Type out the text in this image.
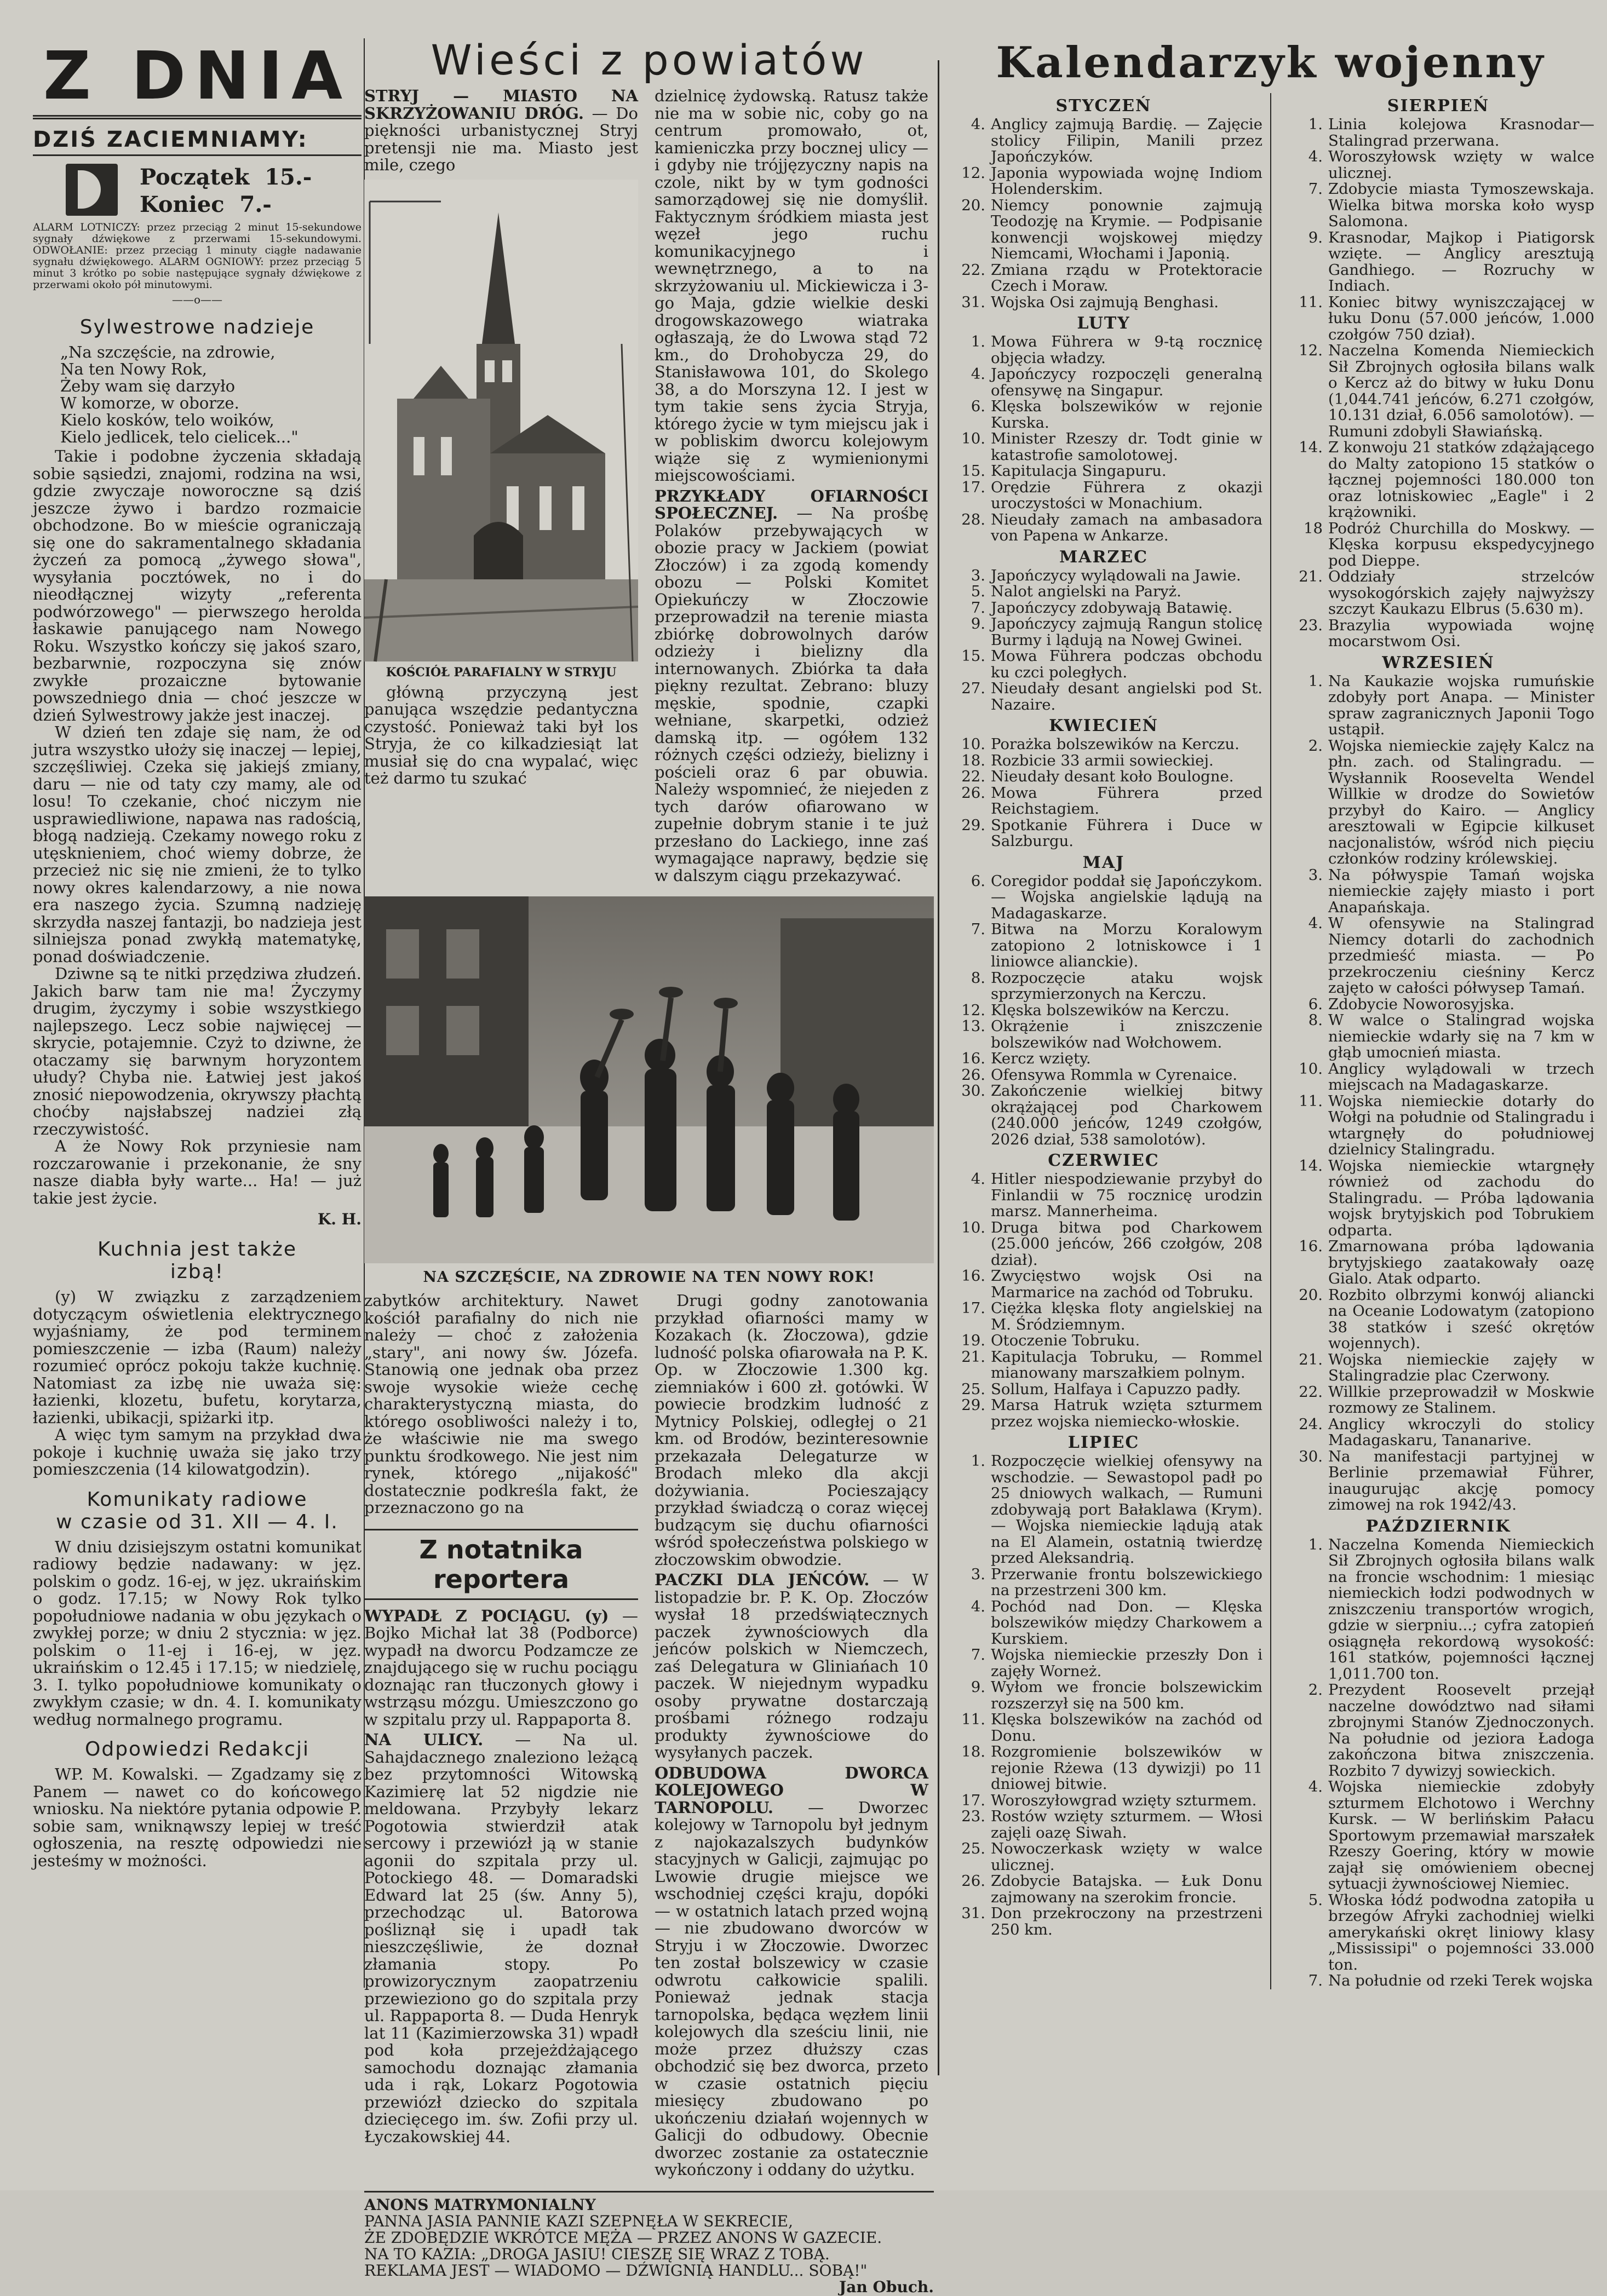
Z DNIA
DZIŚ ZACIEMNIAMY:
Początek 15.-
Koniec 7.-
ALARM LOTNICZY: przez przeciąg 2 minut 15-sekundowe sygnały dźwiękowe z przerwami 15-sekundowymi. ODWOŁANIE: przez przeciąg 1 minuty ciągłe nadawanie sygnału dźwiękowego. ALARM OGNIOWY: przez przeciąg 5 minut 3 krótko po sobie następujące sygnały dźwiękowe z przerwami około pół minutowymi.
——o——
Sylwestrowe nadzieje
„Na szczęście, na zdrowie,
Na ten Nowy Rok,
Żeby wam się darzyło
W komorze, w oborze.
Kielo kosków, telo woików,
Kielo jedlicek, telo cielicek..."

Takie i podobne życzenia składają sobie sąsiedzi, znajomi, rodzina na wsi, gdzie zwyczaje noworoczne są dziś jeszcze żywo i bardzo rozmaicie obchodzone. Bo w mieście ograniczają się one do sakramentalnego składania życzeń za pomocą „żywego słowa", wysyłania pocztówek, no i do nieodłącznej wizyty „referenta podwórzowego" — pierwszego herolda łaskawie panującego nam Nowego Roku. Wszystko kończy się jakoś szaro, bezbarwnie, rozpoczyna się znów zwykłe prozaiczne bytowanie powszedniego dnia — choć jeszcze w dzień Sylwestrowy jakże jest inaczej.

W dzień ten zdaje się nam, że od jutra wszystko ułoży się inaczej — lepiej, szczęśliwiej. Czeka się jakiejś zmiany, daru — nie od taty czy mamy, ale od losu! To czekanie, choć niczym nie usprawiedliwione, napawa nas radością, błogą nadzieją. Czekamy nowego roku z utęsknieniem, choć wiemy dobrze, że przecież nic się nie zmieni, że to tylko nowy okres kalendarzowy, a nie nowa era naszego życia. Szumną nadzieję skrzydła naszej fantazji, bo nadzieja jest silniejsza ponad zwykłą matematykę, ponad doświadczenie.

Dziwne są te nitki przędziwa złudzeń. Jakich barw tam nie ma! Życzymy drugim, życzymy i sobie wszystkiego najlepszego. Lecz sobie najwięcej — skrycie, potajemnie. Czyż to dziwne, że otaczamy się barwnym horyzontem ułudy? Chyba nie. Łatwiej jest jakoś znosić niepowodzenia, okrywszy płachtą choćby najsłabszej nadziei złą rzeczywistość.

A że Nowy Rok przyniesie nam rozczarowanie i przekonanie, że sny nasze diabła były warte... Ha! — już takie jest życie.

K. H.
Kuchnia jest także
izbą!

(y) W związku z zarządzeniem dotyczącym oświetlenia elektrycznego wyjaśniamy, że pod terminem pomieszczenie — izba (Raum) należy rozumieć oprócz pokoju także kuchnię. Natomiast za izbę nie uważa się: łazienki, klozetu, bufetu, korytarza, łazienki, ubikacji, spiżarki itp.

A więc tym samym na przykład dwa pokoje i kuchnię uważa się jako trzy pomieszczenia (14 kilowatgodzin).

Komunikaty radiowe
w czasie od 31. XII — 4. I.

W dniu dzisiejszym ostatni komunikat radiowy będzie nadawany: w jęz. polskim o godz. 16-ej, w jęz. ukraińskim o godz. 17.15; w Nowy Rok tylko popołudniowe nadania w obu językach o zwykłej porze; w dniu 2 stycznia: w jęz. polskim o 11-ej i 16-ej, w jęz. ukraińskim o 12.45 i 17.15; w niedzielę, 3. I. tylko popołudniowe komunikaty o zwykłym czasie; w dn. 4. I. komunikaty według normalnego programu.

Odpowiedzi Redakcji

WP. M. Kowalski. — Zgadzamy się z Panem — nawet co do końcowego wniosku. Na niektóre pytania odpowie P. sobie sam, wniknąwszy lepiej w treść ogłoszenia, na resztę odpowiedzi nie jesteśmy w możności.

Wieści z powiatów
STRYJ — MIASTO NA SKRZYŻOWANIU DRÓG. — Do piękności urbanistycznej Stryj pretensji nie ma. Miasto jest mile, czego
KOŚCIÓŁ PARAFIALNY W STRYJU

główną przyczyną jest panująca wszędzie pedantyczna czystość. Ponieważ taki był los Stryja, że co kilkadziesiąt lat musiał się do cna wypalać, więc też darmo tu szukać

dzielnicę żydowską. Ratusz także nie ma w sobie nic, coby go na centrum promowało, ot, kamieniczka przy bocznej ulicy — i gdyby nie trójjęzyczny napis na czole, nikt by w tym godności samorządowej się nie domyślił. Faktycznym śródkiem miasta jest węzeł jego ruchu komunikacyjnego i wewnętrznego, a to na skrzyżowaniu ul. Mickiewicza i 3-go Maja, gdzie wielkie deski drogowskazowego wiatraka ogłaszają, że do Lwowa stąd 72 km., do Drohobycza 29, do Stanisławowa 101, do Skolego 38, a do Morszyna 12. I jest w tym takie sens życia Stryja, którego życie w tym miejscu jak i w pobliskim dworcu kolejowym wiąże się z wymienionymi miejscowościami.

PRZYKŁADY OFIARNOŚCI SPOŁECZNEJ. — Na prośbę Polaków przebywających w obozie pracy w Jackiem (powiat Złoczów) i za zgodą komendy obozu — Polski Komitet Opiekuńczy w Złoczowie przeprowadził na terenie miasta zbiórkę dobrowolnych darów odzieży i bielizny dla internowanych. Zbiórka ta dała piękny rezultat. Zebrano: bluzy męskie, spodnie, czapki wełniane, skarpetki, odzież damską itp. — ogółem 132 różnych części odzieży, bielizny i pościeli oraz 6 par obuwia. Należy wspomnieć, że niejeden z tych darów ofiarowano w zupełnie dobrym stanie i te już przesłano do Lackiego, inne zaś wymagające naprawy, będzie się w dalszym ciągu przekazywać.
NA SZCZĘŚCIE, NA ZDROWIE NA TEN NOWY ROK!

zabytków architektury. Nawet kościół parafialny do nich nie należy — choć z założenia „stary", ani nowy św. Józefa. Stanowią one jednak oba przez swoje wysokie wieże cechę charakterystyczną miasta, do którego osobliwości należy i to, że właściwie nie ma swego punktu środkowego. Nie jest nim rynek, którego „nijakość" dostatecznie podkreśla fakt, że przeznaczono go na

Z notatnika reportera
WYPADŁ Z POCIĄGU. (y) — Bojko Michał lat 38 (Podborce) wypadł na dworcu Podzamcze ze znajdującego się w ruchu pociągu doznając ran tłuczonych głowy i wstrząsu mózgu. Umieszczono go w szpitalu przy ul. Rappaporta 8.
NA ULICY. — Na ul. Sahajdacznego znaleziono leżącą bez przytomności Witowską Kazimierę lat 52 nigdzie nie meldowana. Przybyły lekarz Pogotowia stwierdził atak sercowy i przewiózł ją w stanie agonii do szpitala przy ul. Potockiego 48. — Domaradski Edward lat 25 (św. Anny 5), przechodząc ul. Batorowa pośliznął się i upadł tak nieszczęśliwie, że doznał złamania stopy. Po prowizorycznym zaopatrzeniu przewieziono go do szpitala przy ul. Rappaporta 8. — Duda Henryk lat 11 (Kazimierzowska 31) wpadł pod koła przejeżdżającego samochodu doznając złamania uda i rąk, Lokarz Pogotowia przewiózł dziecko do szpitala dziecięcego im. św. Zofii przy ul. Łyczakowskiej 44.

Drugi godny zanotowania przykład ofiarności mamy w Kozakach (k. Złoczowa), gdzie ludność polska ofiarowała na P. K. Op. w Złoczowie 1.300 kg. ziemniaków i 600 zł. gotówki. W powiecie brodzkim ludność z Mytnicy Polskiej, odległej o 21 km. od Brodów, bezinteresownie przekazała Delegaturze w Brodach mleko dla akcji dożywiania. Pocieszający przykład świadczą o coraz więcej budzącym się duchu ofiarności wśród społeczeństwa polskiego w złoczowskim obwodzie.

PACZKI DLA JEŃCÓW. — W listopadzie br. P. K. Op. Złoczów wysłał 18 przedświątecznych paczek żywnościowych dla jeńców polskich w Niemczech, zaś Delegatura w Gliniańach 10 paczek. W niejednym wypadku osoby prywatne dostarczają prośbami różnego rodzaju produkty żywnościowe do wysyłanych paczek.
ODBUDOWA DWORCA KOLEJOWEGO W TARNOPOLU. — Dworzec kolejowy w Tarnopolu był jednym z najokazalszych budynków stacyjnych w Galicji, zajmując po Lwowie drugie miejsce we wschodniej części kraju, dopóki — w ostatnich latach przed wojną — nie zbudowano dworców w Stryju i w Złoczowie. Dworzec ten został bolszewicy w czasie odwrotu całkowicie spalili. Ponieważ jednak stacja tarnopolska, będąca węzłem linii kolejowych dla sześciu linii, nie może przez dłuższy czas obchodzić się bez dworca, przeto w czasie ostatnich pięciu miesięcy zbudowano po ukończeniu działań wojennych w Galicji do odbudowy. Obecnie dworzec zostanie za ostatecznie wykończony i oddany do użytku.
ANONS MATRYMONIALNY
PANNA JASIA PANNIE KAZI SZEPNĘŁA W SEKRECIE,
ŻE ZDOBĘDZIE WKRÓTCE MĘŻA — PRZEZ ANONS W GAZECIE.
NA TO KAZIA: „DROGA JASIU! CIESZĘ SIĘ WRAZ Z TOBĄ.
REKLAMA JEST — WIADOMO — DŹWIGNIĄ HANDLU... SOBĄ!"
Jan Obuch.
Kalendarzyk wojenny
STYCZEŃ
4. Anglicy zajmują Bardię. — Zajęcie stolicy Filipin, Manili przez Japończyków.
12. Japonia wypowiada wojnę Indiom Holenderskim.
20. Niemcy ponownie zajmują Teodozję na Krymie. — Podpisanie konwencji wojskowej między Niemcami, Włochami i Japonią.
22. Zmiana rządu w Protektoracie Czech i Moraw.
31. Wojska Osi zajmują Benghasi.
LUTY
1. Mowa Führera w 9-tą rocznicę objęcia władzy.
4. Japończycy rozpoczęli generalną ofensywę na Singapur.
6. Klęska bolszewików w rejonie Kurska.
10. Minister Rzeszy dr. Todt ginie w katastrofie samolotowej.
15. Kapitulacja Singapuru.
17. Orędzie Führera z okazji uroczystości w Monachium.
28. Nieudały zamach na ambasadora von Papena w Ankarze.
MARZEC
3. Japończycy wylądowali na Jawie.
5. Nalot angielski na Paryż.
7. Japończycy zdobywają Batawię.
9. Japończycy zajmują Rangun stolicę Burmy i lądują na Nowej Gwinei.
15. Mowa Führera podczas obchodu ku czci poległych.
27. Nieudały desant angielski pod St. Nazaire.
KWIECIEŃ
10. Porażka bolszewików na Kerczu.
18. Rozbicie 33 armii sowieckiej.
22. Nieudały desant koło Boulogne.
26. Mowa Führera przed Reichstagiem.
29. Spotkanie Führera i Duce w Salzburgu.
MAJ
6. Coregidor poddał się Japończykom. — Wojska angielskie lądują na Madagaskarze.
7. Bitwa na Morzu Koralowym zatopiono 2 lotniskowce i 1 liniowce alianckie).
8. Rozpoczęcie ataku wojsk sprzymierzonych na Kerczu.
12. Klęska bolszewików na Kerczu.
13. Okrążenie i zniszczenie bolszewików nad Wołchowem.
16. Kercz wzięty.
26. Ofensywa Rommla w Cyrenaice.
30. Zakończenie wielkiej bitwy okrążającej pod Charkowem (240.000 jeńców, 1249 czołgów, 2026 dział, 538 samolotów).
CZERWIEC
4. Hitler niespodziewanie przybył do Finlandii w 75 rocznicę urodzin marsz. Mannerheima.
10. Druga bitwa pod Charkowem (25.000 jeńców, 266 czołgów, 208 dział).
16. Zwycięstwo wojsk Osi na Marmarice na zachód od Tobruku.
17. Ciężka klęska floty angielskiej na M. Śródziemnym.
19. Otoczenie Tobruku.
21. Kapitulacja Tobruku, — Rommel mianowany marszałkiem polnym.
25. Sollum, Halfaya i Capuzzo padły.
29. Marsa Hatruk wzięta szturmem przez wojska niemiecko-włoskie.
LIPIEC
1. Rozpoczęcie wielkiej ofensywy na wschodzie. — Sewastopol padł po 25 dniowych walkach, — Rumuni zdobywają port Bałaklawa (Krym). — Wojska niemieckie lądują atak na El Alamein, ostatnią twierdzę przed Aleksandrią.
3. Przerwanie frontu bolszewickiego na przestrzeni 300 km.
4. Pochód nad Don. — Klęska bolszewików między Charkowem a Kurskiem.
7. Wojska niemieckie przeszły Don i zajęły Worneż.
9. Wyłom we froncie bolszewickim rozszerzył się na 500 km.
11. Klęska bolszewików na zachód od Donu.
18. Rozgromienie bolszewików w rejonie Rżewa (13 dywizji) po 11 dniowej bitwie.
17. Woroszyłowgrad wzięty szturmem.
23. Rostów wzięty szturmem. — Włosi zajęli oazę Siwah.
25. Nowoczerkask wzięty w walce ulicznej.
26. Zdobycie Batajska. — Łuk Donu zajmowany na szerokim froncie.
31. Don przekroczony na przestrzeni 250 km.
SIERPIEŃ
1. Linia kolejowa Krasnodar—Stalingrad przerwana.
4. Woroszyłowsk wzięty w walce ulicznej.
7. Zdobycie miasta Tymoszewskaja. Wielka bitwa morska koło wysp Salomona.
9. Krasnodar, Majkop i Piatigorsk wzięte. — Anglicy aresztują Gandhiego. — Rozruchy w Indiach.
11. Koniec bitwy wyniszczającej w łuku Donu (57.000 jeńców, 1.000 czołgów 750 dział).
12. Naczelna Komenda Niemieckich Sił Zbrojnych ogłosiła bilans walk o Kercz aż do bitwy w łuku Donu (1,044.741 jeńców, 6.271 czołgów, 10.131 dział, 6.056 samolotów). — Rumuni zdobyli Sławiańską.
14. Z konwoju 21 statków zdążającego do Malty zatopiono 15 statków o łącznej pojemności 180.000 ton oraz lotniskowiec „Eagle" i 2 krążowniki.
18 Podróż Churchilla do Moskwy. — Klęska korpusu ekspedycyjnego pod Dieppe.
21. Oddziały strzelców wysokogórskich zajęły najwyższy szczyt Kaukazu Elbrus (5.630 m).
23. Brazylia wypowiada wojnę mocarstwom Osi.
WRZESIEŃ
1. Na Kaukazie wojska rumuńskie zdobyły port Anapa. — Minister spraw zagranicznych Japonii Togo ustąpił.
2. Wojska niemieckie zajęły Kalcz na płn. zach. od Stalingradu. — Wysłannik Roosevelta Wendel Willkie w drodze do Sowietów przybył do Kairo. — Anglicy aresztowali w Egipcie kilkuset nacjonalistów, wśród nich pięciu członków rodziny królewskiej.
3. Na półwyspie Tamań wojska niemieckie zajęły miasto i port Anapańskaja.
4. W ofensywie na Stalingrad Niemcy dotarli do zachodnich przedmieść miasta. — Po przekroczeniu cieśniny Kercz zajęto w całości półwysep Tamań.
6. Zdobycie Noworosyjska.
8. W walce o Stalingrad wojska niemieckie wdarły się na 7 km w głąb umocnień miasta.
10. Anglicy wylądowali w trzech miejscach na Madagaskarze.
11. Wojska niemieckie dotarły do Wołgi na południe od Stalingradu i wtargnęły do południowej dzielnicy Stalingradu.
14. Wojska niemieckie wtargnęły również od zachodu do Stalingradu. — Próba lądowania wojsk brytyjskich pod Tobrukiem odparta.
16. Zmarnowana próba lądowania brytyjskiego zaatakowały oazę Gialo. Atak odparto.
20. Rozbito olbrzymi konwój aliancki na Oceanie Lodowatym (zatopiono 38 statków i sześć okrętów wojennych).
21. Wojska niemieckie zajęły w Stalingradzie plac Czerwony.
22. Willkie przeprowadził w Moskwie rozmowy ze Stalinem.
24. Anglicy wkroczyli do stolicy Madagaskaru, Tananarive.
30. Na manifestacji partyjnej w Berlinie przemawiał Führer, inaugurując akcję pomocy zimowej na rok 1942/43.
PAŹDZIERNIK
1. Naczelna Komenda Niemieckich Sił Zbrojnych ogłosiła bilans walk na froncie wschodnim: 1 miesiąc niemieckich łodzi podwodnych w zniszczeniu transportów wrogich, gdzie w sierpniu...; cyfra zatopień osiągnęła rekordową wysokość: 161 statków, pojemności łącznej 1,011.700 ton.
2. Prezydent Roosevelt przejął naczelne dowództwo nad siłami zbrojnymi Stanów Zjednoczonych. Na południe od jeziora Ładoga zakończona bitwa zniszczenia. Rozbito 7 dywizyj sowieckich.
4. Wojska niemieckie zdobyły szturmem Elchotowo i Werchny Kursk. — W berlińskim Pałacu Sportowym przemawiał marszałek Rzeszy Goering, który w mowie zajął się omówieniem obecnej sytuacji żywnościowej Niemiec.
5. Włoska łódź podwodna zatopiła u brzegów Afryki zachodniej wielki amerykański okręt liniowy klasy „Mississipi" o pojemności 33.000 ton.
7. Na południe od rzeki Terek wojska
